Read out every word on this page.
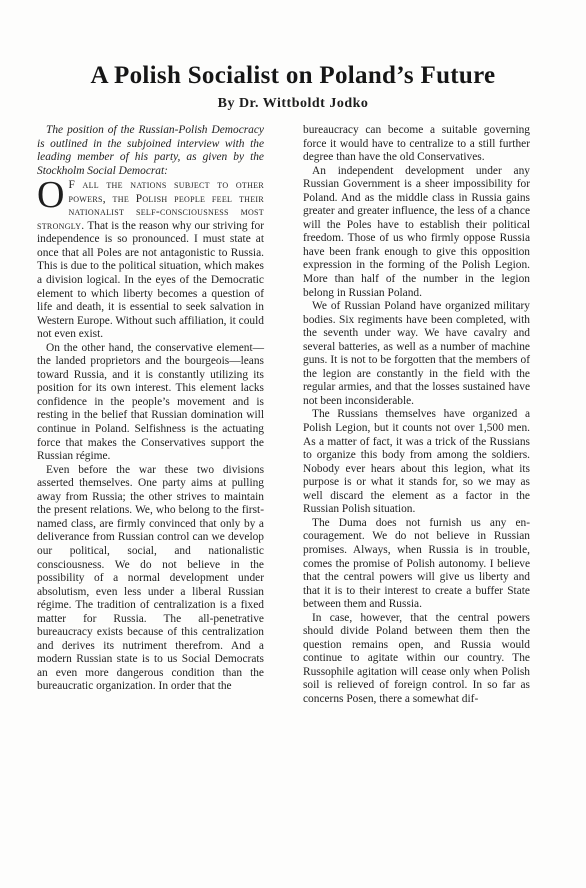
A Polish Socialist on Poland’s Future
By Dr. Wittboldt Jodko

The position of the Russian-Polish Democracy is outlined in the subjoined interview with the leading member of his party, as given by the Stockholm Social Democrat:

O F all the nations subject to other powers, the Polish people feel their nationalist self-consciousness most strongly. That is the reason why our striving for independence is so pronounced. I must state at once that all Poles are not antagonistic to Russia. This is due to the political situation, which makes a division logical. In the eyes of the Democratic element to which liberty becomes a question of life and death, it is essential to seek salvation in Western Europe. Without such affiliation, it could not even exist.

On the other hand, the conservative element—the landed proprietors and the bourgeois—leans toward Russia, and it is constantly utilizing its position for its own interest. This element lacks confidence in the people’s movement and is resting in the belief that Russian domination will continue in Poland. Selfishness is the actuating force that makes the Conservatives support the Russian régime.

Even before the war these two divisions asserted themselves. One party aims at pulling away from Russia; the other strives to maintain the present relations. We, who belong to the first-named class, are firmly convinced that only by a deliverance from Russian control can we develop our political, social, and nationalistic consciousness. We do not believe in the possibility of a normal development under absolutism, even less under a liberal Russian régime. The tradition of centralization is a fixed matter for Russia. The all-penetrative bureaucracy exists because of this centralization and derives its nutriment therefrom. And a modern Russian state is to us Social Democrats an even more dangerous condition than the bureaucratic organization. In order that the

bureaucracy can become a suitable governing force it would have to centralize to a still further degree than have the old Conservatives.

An independent development under any Russian Government is a sheer impossibility for Poland. And as the middle class in Russia gains greater and greater influence, the less of a chance will the Poles have to establish their political freedom. Those of us who firmly oppose Russia have been frank enough to give this opposition expression in the forming of the Polish Legion. More than half of the number in the legion belong in Russian Poland.

We of Russian Poland have organized military bodies. Six regiments have been completed, with the seventh under way. We have cavalry and several batteries, as well as a number of machine guns. It is not to be forgotten that the members of the legion are constantly in the field with the regular armies, and that the losses sustained have not been inconsiderable.

The Russians themselves have organized a Polish Legion, but it counts not over 1,500 men. As a matter of fact, it was a trick of the Russians to organize this body from among the soldiers. Nobody ever hears about this legion, what its purpose is or what it stands for, so we may as well discard the element as a factor in the Russian Polish situation.

The Duma does not furnish us any encouragement. We do not believe in Russian promises. Always, when Russia is in trouble, comes the promise of Polish autonomy. I believe that the central powers will give us liberty and that it is to their interest to create a buffer State between them and Russia.

In case, however, that the central powers should divide Poland between them then the question remains open, and Russia would continue to agitate within our country. The Russophile agitation will cease only when Polish soil is relieved of foreign control. In so far as concerns Posen, there a somewhat dif-
